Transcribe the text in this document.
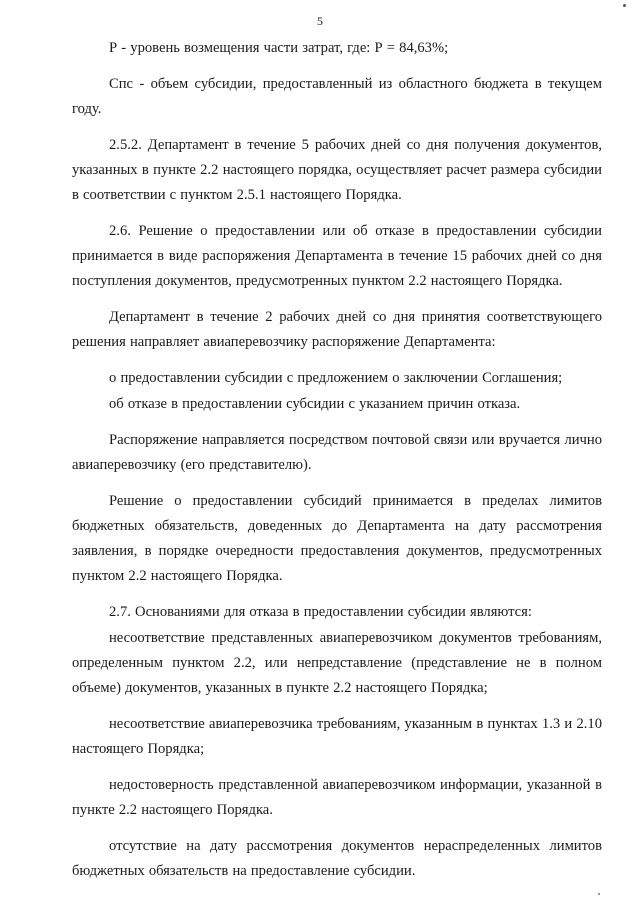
5

Р - уровень возмещения части затрат, где: Р = 84,63%;

Спс - объем субсидии, предоставленный из областного бюджета в текущем году.

2.5.2. Департамент в течение 5 рабочих дней со дня получения документов, указанных в пункте 2.2 настоящего порядка, осуществляет расчет размера субсидии в соответствии с пунктом 2.5.1 настоящего Порядка.

2.6. Решение о предоставлении или об отказе в предоставлении субсидии принимается в виде распоряжения Департамента в течение 15 рабочих дней со дня поступления документов, предусмотренных пунктом 2.2 настоящего Порядка.

Департамент в течение 2 рабочих дней со дня принятия соответствующего решения направляет авиаперевозчику распоряжение Департамента:

о предоставлении субсидии с предложением о заключении Соглашения;

об отказе в предоставлении субсидии с указанием причин отказа.

Распоряжение направляется посредством почтовой связи или вручается лично авиаперевозчику (его представителю).

Решение о предоставлении субсидий принимается в пределах лимитов бюджетных обязательств, доведенных до Департамента на дату рассмотрения заявления, в порядке очередности предоставления документов, предусмотренных пунктом 2.2 настоящего Порядка.

2.7. Основаниями для отказа в предоставлении субсидии являются:

несоответствие представленных авиаперевозчиком документов требованиям, определенным пунктом 2.2, или непредставление (представление не в полном объеме) документов, указанных в пункте 2.2 настоящего Порядка;

несоответствие авиаперевозчика требованиям, указанным в пунктах 1.3 и 2.10 настоящего Порядка;

недостоверность представленной авиаперевозчиком информации, указанной в пункте 2.2 настоящего Порядка.

отсутствие на дату рассмотрения документов нераспределенных лимитов бюджетных обязательств на предоставление субсидии.
